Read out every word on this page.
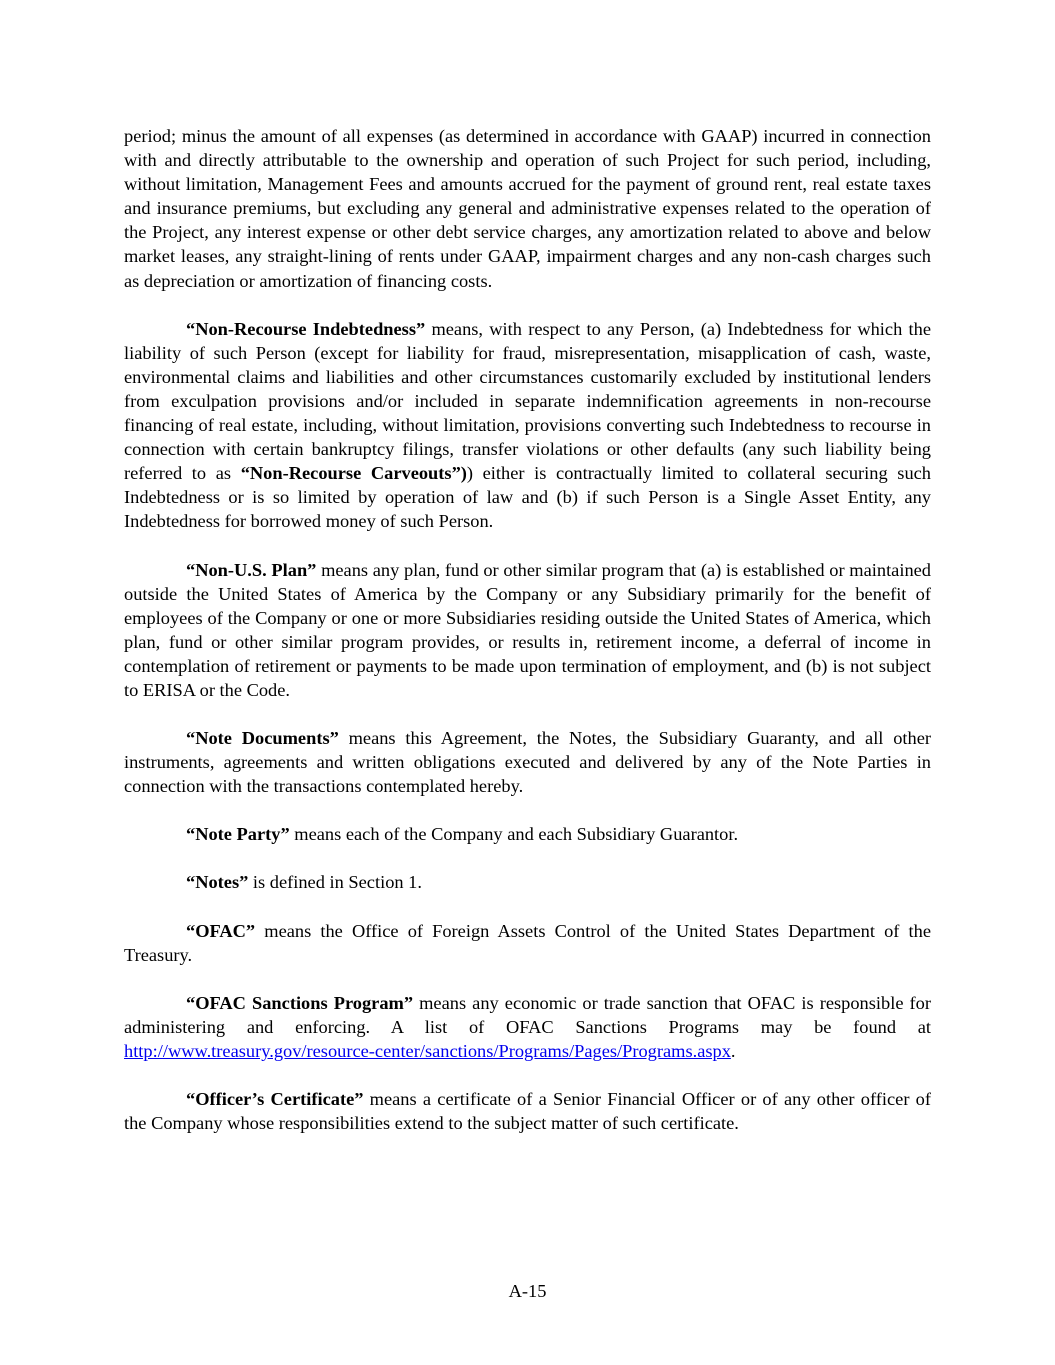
period; minus the amount of all expenses (as determined in accordance with GAAP) incurred in connection with and directly attributable to the ownership and operation of such Project for such period, including, without limitation, Management Fees and amounts accrued for the payment of ground rent, real estate taxes and insurance premiums, but excluding any general and administrative expenses related to the operation of the Project, any interest expense or other debt service charges, any amortization related to above and below market leases, any straight-lining of rents under GAAP, impairment charges and any non-cash charges such as depreciation or amortization of financing costs.

“Non-Recourse Indebtedness” means, with respect to any Person, (a) Indebtedness for which the liability of such Person (except for liability for fraud, misrepresentation, misapplication of cash, waste, environmental claims and liabilities and other circumstances customarily excluded by institutional lenders from exculpation provisions and/or included in separate indemnification agreements in non-recourse financing of real estate, including, without limitation, provisions converting such Indebtedness to recourse in connection with certain bankruptcy filings, transfer violations or other defaults (any such liability being referred to as “Non-Recourse Carveouts”)) either is contractually limited to collateral securing such Indebtedness or is so limited by operation of law and (b) if such Person is a Single Asset Entity, any Indebtedness for borrowed money of such Person.

“Non-U.S. Plan” means any plan, fund or other similar program that (a) is established or maintained outside the United States of America by the Company or any Subsidiary primarily for the benefit of employees of the Company or one or more Subsidiaries residing outside the United States of America, which plan, fund or other similar program provides, or results in, retirement income, a deferral of income in contemplation of retirement or payments to be made upon termination of employment, and (b) is not subject to ERISA or the Code.

“Note Documents” means this Agreement, the Notes, the Subsidiary Guaranty, and all other instruments, agreements and written obligations executed and delivered by any of the Note Parties in connection with the transactions contemplated hereby.

“Note Party” means each of the Company and each Subsidiary Guarantor.

“Notes” is defined in Section 1.

“OFAC” means the Office of Foreign Assets Control of the United States Department of the Treasury.

“OFAC Sanctions Program” means any economic or trade sanction that OFAC is responsible for administering and enforcing. A list of OFAC Sanctions Programs may be found at http://www.treasury.gov/resource-center/sanctions/Programs/Pages/Programs.aspx.

“Officer’s Certificate” means a certificate of a Senior Financial Officer or of any other officer of the Company whose responsibilities extend to the subject matter of such certificate.

A-15
